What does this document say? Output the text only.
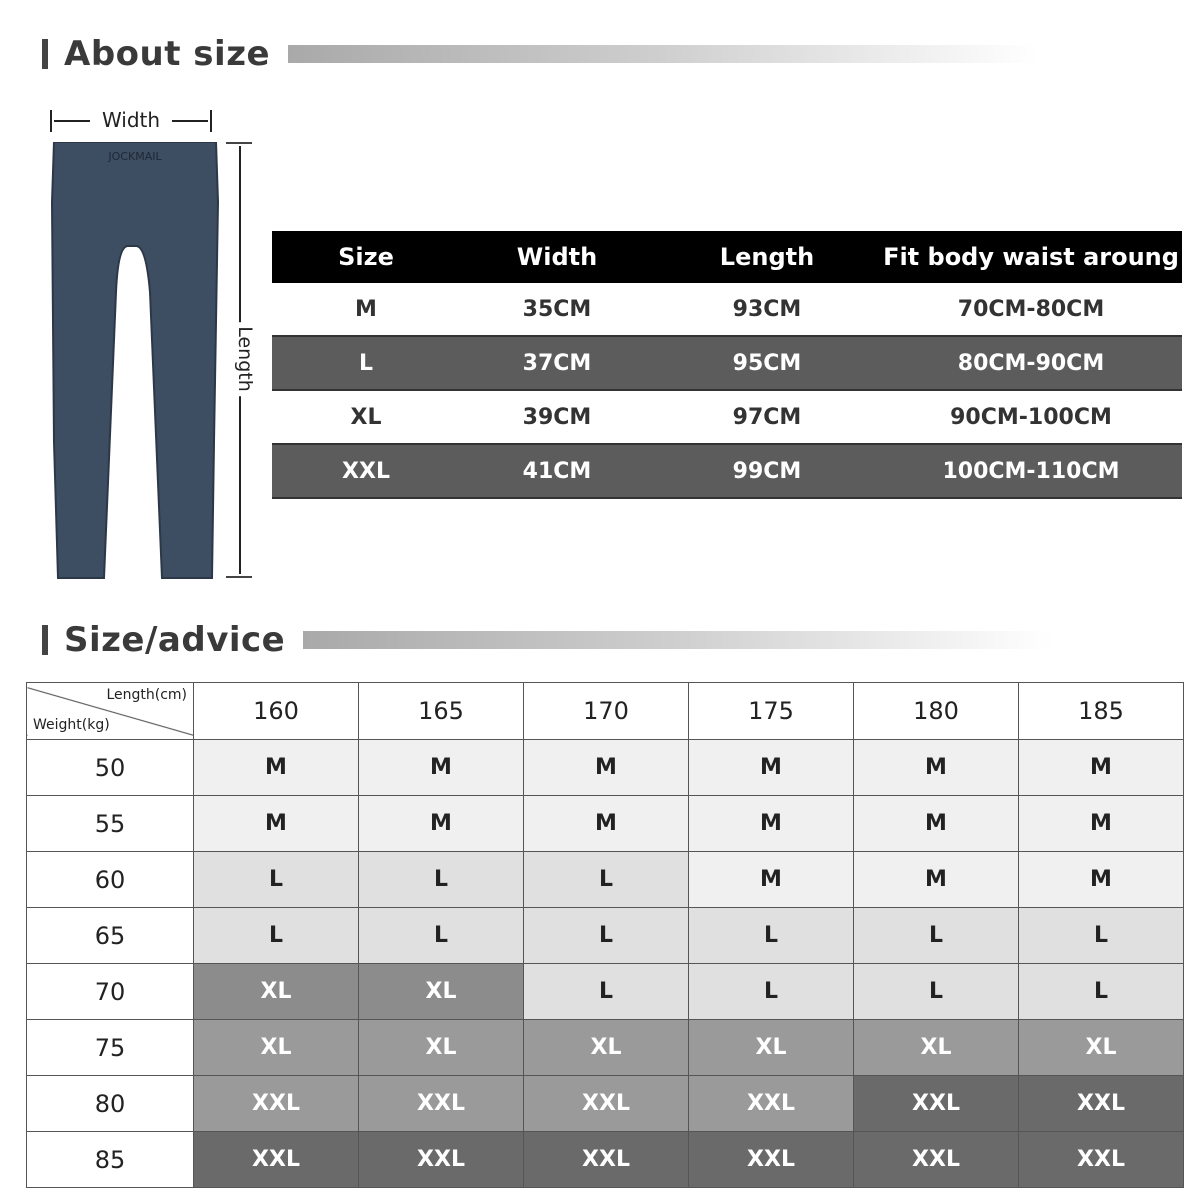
About size
Width
JOCKMAIL
Length
Size	Width	Length	Fit body waist aroung
M	35CM	93CM	70CM-80CM
L	37CM	95CM	80CM-90CM
XL	39CM	97CM	90CM-100CM
XXL	41CM	99CM	100CM-110CM
Size/advice
Length(cm)
Weight(kg)	160	165	170	175	180	185
50	M	M	M	M	M	M
55	M	M	M	M	M	M
60	L	L	L	M	M	M
65	L	L	L	L	L	L
70	XL	XL	L	L	L	L
75	XL	XL	XL	XL	XL	XL
80	XXL	XXL	XXL	XXL	XXL	XXL
85	XXL	XXL	XXL	XXL	XXL	XXL
